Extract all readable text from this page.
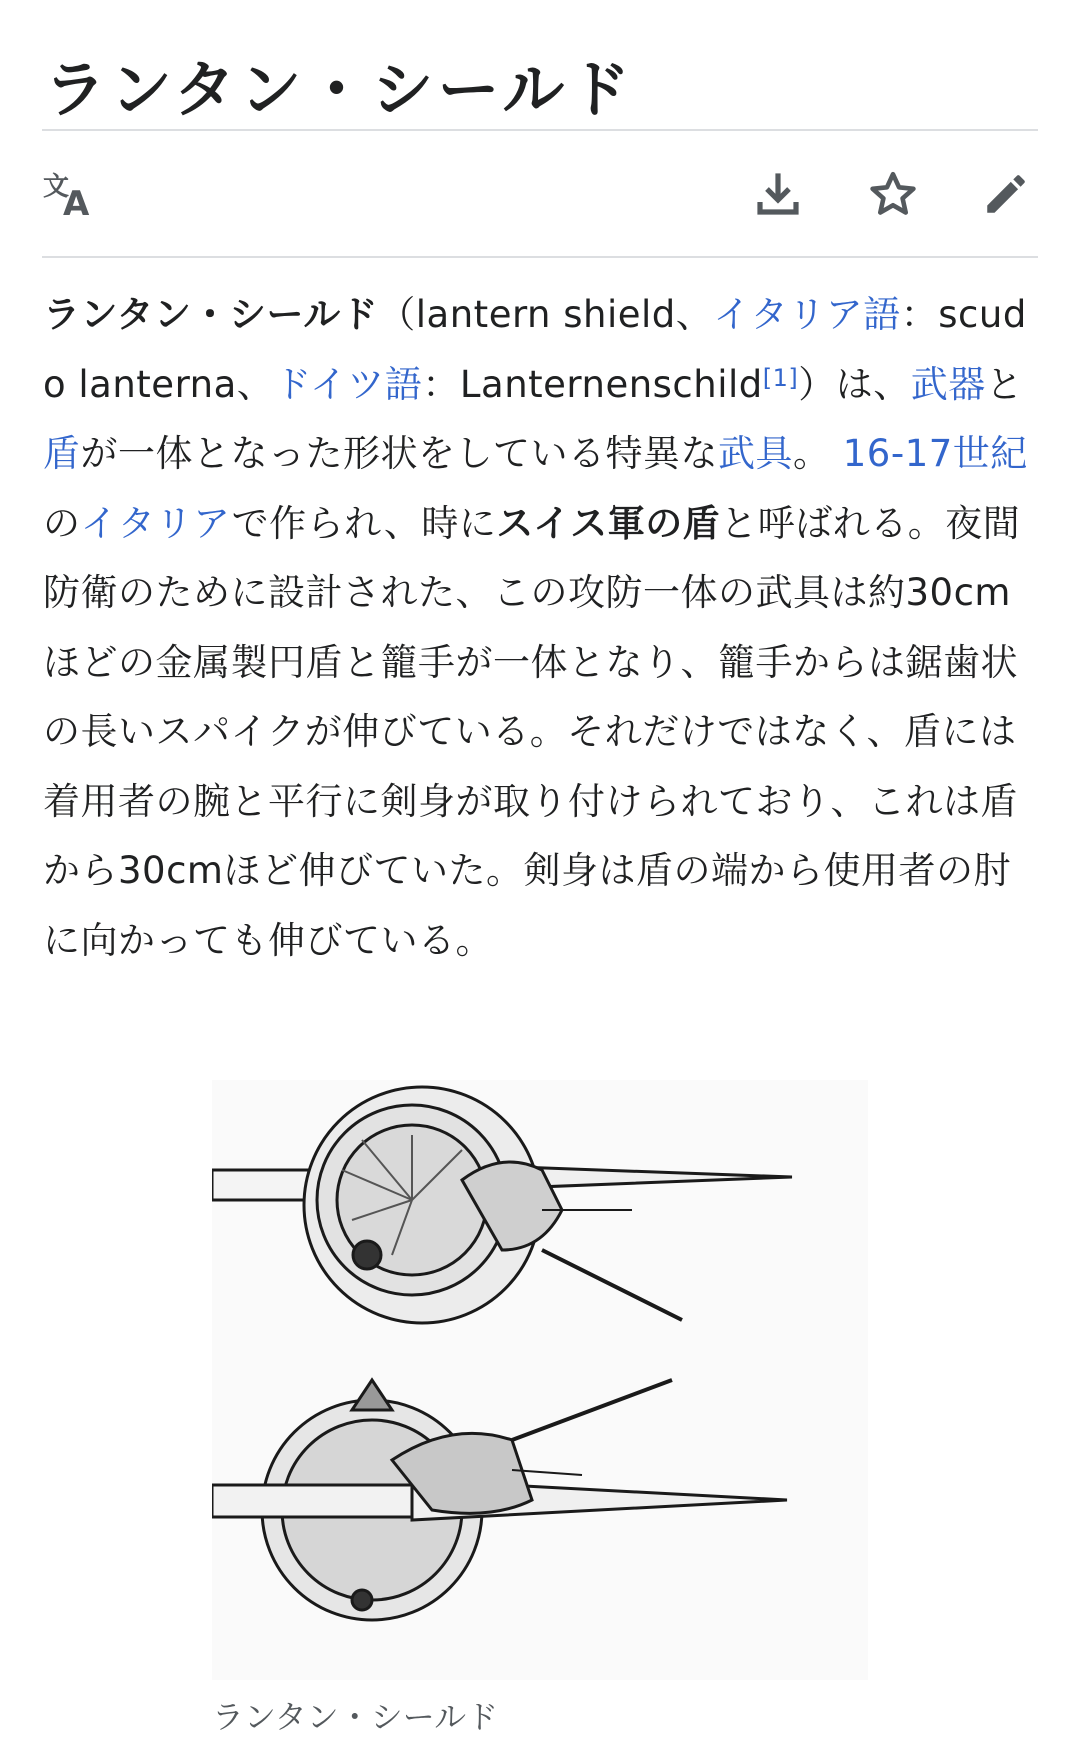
ランタン・シールド
文
A

ランタン・シールド（lantern shield、イタリア語：scudo lanterna、ドイツ語：Lanternenschild[1]）は、武器と盾が一体となった形状をしている特異な武具。 16-17世紀のイタリアで作られ、時にスイス軍の盾と呼ばれる。夜間防衛のために設計された、この攻防一体の武具は約30cmほどの金属製円盾と籠手が一体となり、籠手からは鋸歯状の長いスパイクが伸びている。それだけではなく、盾には着用者の腕と平行に剣身が取り付けられており、これは盾から30cmほど伸びていた。剣身は盾の端から使用者の肘に向かっても伸びている。

ランタン・シールド
